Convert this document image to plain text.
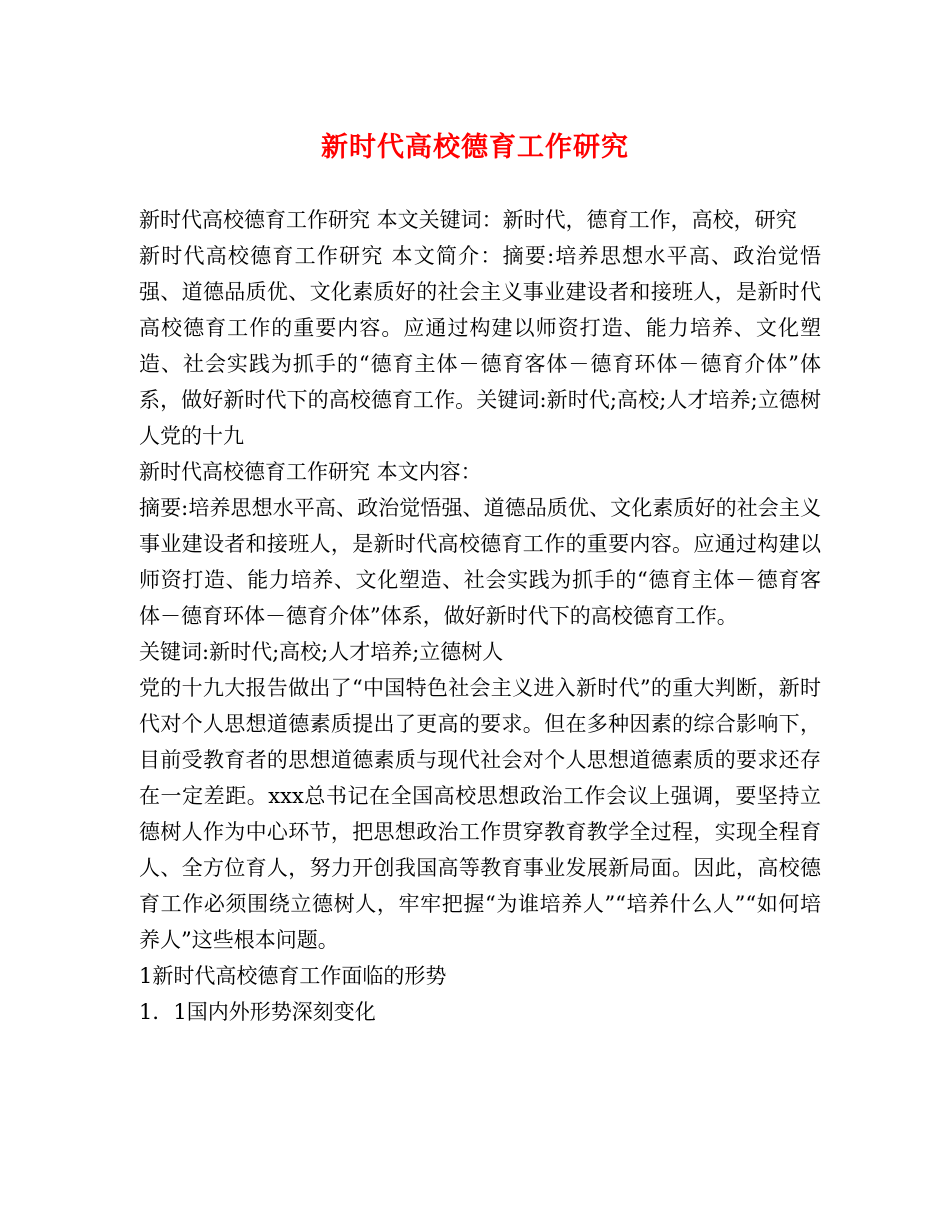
新时代高校德育工作研究

新时代高校德育工作研究 本文关键词：新时代，德育工作，高校，研究

新时代高校德育工作研究 本文简介：摘要:培养思想水平高、政治觉悟强、道德品质优、文化素质好的社会主义事业建设者和接班人，是新时代高校德育工作的重要内容。应通过构建以师资打造、能力培养、文化塑造、社会实践为抓手的“德育主体－德育客体－德育环体－德育介体”体系，做好新时代下的高校德育工作。关键词:新时代;高校;人才培养;立德树人党的十九

新时代高校德育工作研究 本文内容：

摘要:培养思想水平高、政治觉悟强、道德品质优、文化素质好的社会主义事业建设者和接班人，是新时代高校德育工作的重要内容。应通过构建以师资打造、能力培养、文化塑造、社会实践为抓手的“德育主体－德育客体－德育环体－德育介体”体系，做好新时代下的高校德育工作。

关键词:新时代;高校;人才培养;立德树人

党的十九大报告做出了“中国特色社会主义进入新时代”的重大判断，新时代对个人思想道德素质提出了更高的要求。但在多种因素的综合影响下，目前受教育者的思想道德素质与现代社会对个人思想道德素质的要求还存在一定差距。xxx总书记在全国高校思想政治工作会议上强调，要坚持立德树人作为中心环节，把思想政治工作贯穿教育教学全过程，实现全程育人、全方位育人，努力开创我国高等教育事业发展新局面。因此，高校德育工作必须围绕立德树人，牢牢把握“为谁培养人”“培养什么人”“如何培养人”这些根本问题。

1新时代高校德育工作面临的形势

1．1国内外形势深刻变化
